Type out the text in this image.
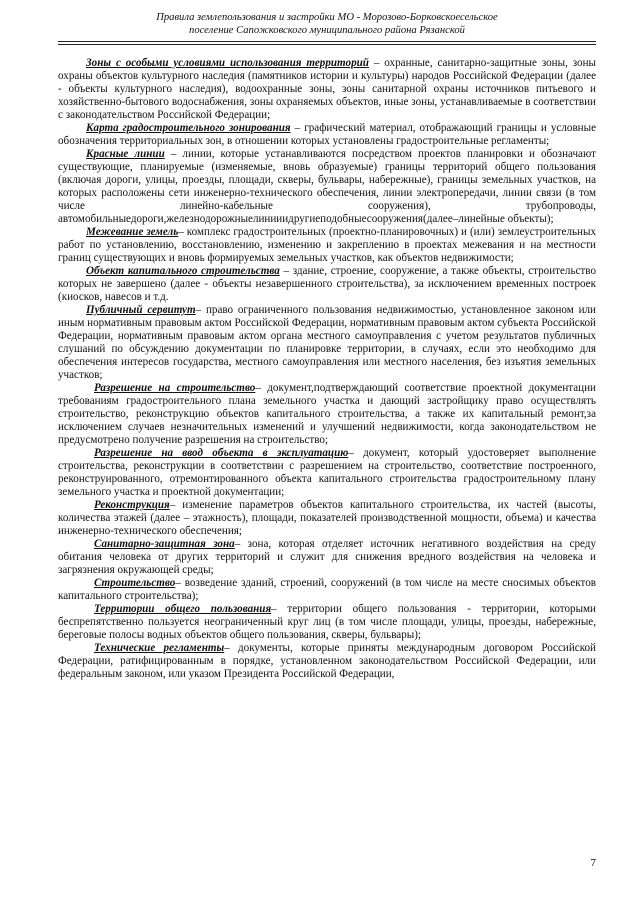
Правила землепользования и застройки МО - Морозово-Борковскоесельское
поселение Сапожковского муниципального района Рязанской

Зоны с особыми условиями использования территорий – охранные, санитарно-защитные зоны, зоны охраны объектов культурного наследия (памятников истории и культуры) народов Российской Федерации (далее - объекты культурного наследия), водоохранные зоны, зоны санитарной охраны источников питьевого и хозяйственно-бытового водоснабжения, зоны охраняемых объектов, иные зоны, устанавливаемые в соответствии с законодательством Российской Федерации;

Карта градостроительного зонирования – графический материал, отображающий границы и условные обозначения территориальных зон, в отношении которых установлены градостроительные регламенты;

Красные линии – линии, которые устанавливаются посредством проектов планировки и обозначают существующие, планируемые (изменяемые, вновь образуемые) границы территорий общего пользования (включая дороги, улицы, проезды, площади, скверы, бульвары, набережные), границы земельных участков, на которых расположены сети инженерно-технического обеспечения, линии электропередачи, линии связи (в том числе линейно-кабельные сооружения), трубопроводы, автомобильныедороги,железнодорожныелинииидругиеподобныесооружения(далее–линейные объекты);

Межевание земель– комплекс градостроительных (проектно-планировочных) и (или) землеустроительных работ по установлению, восстановлению, изменению и закреплению в проектах межевания и на местности границ существующих и вновь формируемых земельных участков, как объектов недвижимости;

Объект капитального строительства – здание, строение, сооружение, а также объекты, строительство которых не завершено (далее - объекты незавершенного строительства), за исключением временных построек (киосков, навесов и т.д.

Публичный сервитут– право ограниченного пользования недвижимостью, установленное законом или иным нормативным правовым актом Российской Федерации, нормативным правовым актом субъекта Российской Федерации, нормативным правовым актом органа местного самоуправления с учетом результатов публичных слушаний по обсуждению документации по планировке территории, в случаях, если это необходимо для обеспечения интересов государства, местного самоуправления или местного населения, без изъятия земельных участков;

Разрешение на строительство– документ,подтверждающий соответствие проектной документации требованиям градостроительного плана земельного участка и дающий застройщику право осуществлять строительство, реконструкцию объектов капитального строительства, а также их капитальный ремонт,за исключением случаев незначительных изменений и улучшений недвижимости, когда законодательством не предусмотрено получение разрешения на строительство;

Разрешение на ввод объекта в эксплуатацию– документ, который удостоверяет выполнение строительства, реконструкции в соответствии с разрешением на строительство, соответствие построенного, реконструированного, отремонтированного объекта капитального строительства градостроительному плану земельного участка и проектной документации;

Реконструкция– изменение параметров объектов капитального строительства, их частей (высоты, количества этажей (далее – этажность), площади, показателей производственной мощности, объема) и качества инженерно-технического обеспечения;

Санитарно-защитная зона– зона, которая отделяет источник негативного воздействия на среду обитания человека от других территорий и служит для снижения вредного воздействия на человека и загрязнения окружающей среды;

Строительство– возведение зданий, строений, сооружений (в том числе на месте сносимых объектов капитального строительства);

Территории общего пользования– территории общего пользования - территории, которыми беспрепятственно пользуется неограниченный круг лиц (в том числе площади, улицы, проезды, набережные, береговые полосы водных объектов общего пользования, скверы, бульвары);

Технические регламенты– документы, которые приняты международным договором Российской Федерации, ратифицированным в порядке, установленном законодательством Российской Федерации, или федеральным законом, или указом Президента Российской Федерации,

7
